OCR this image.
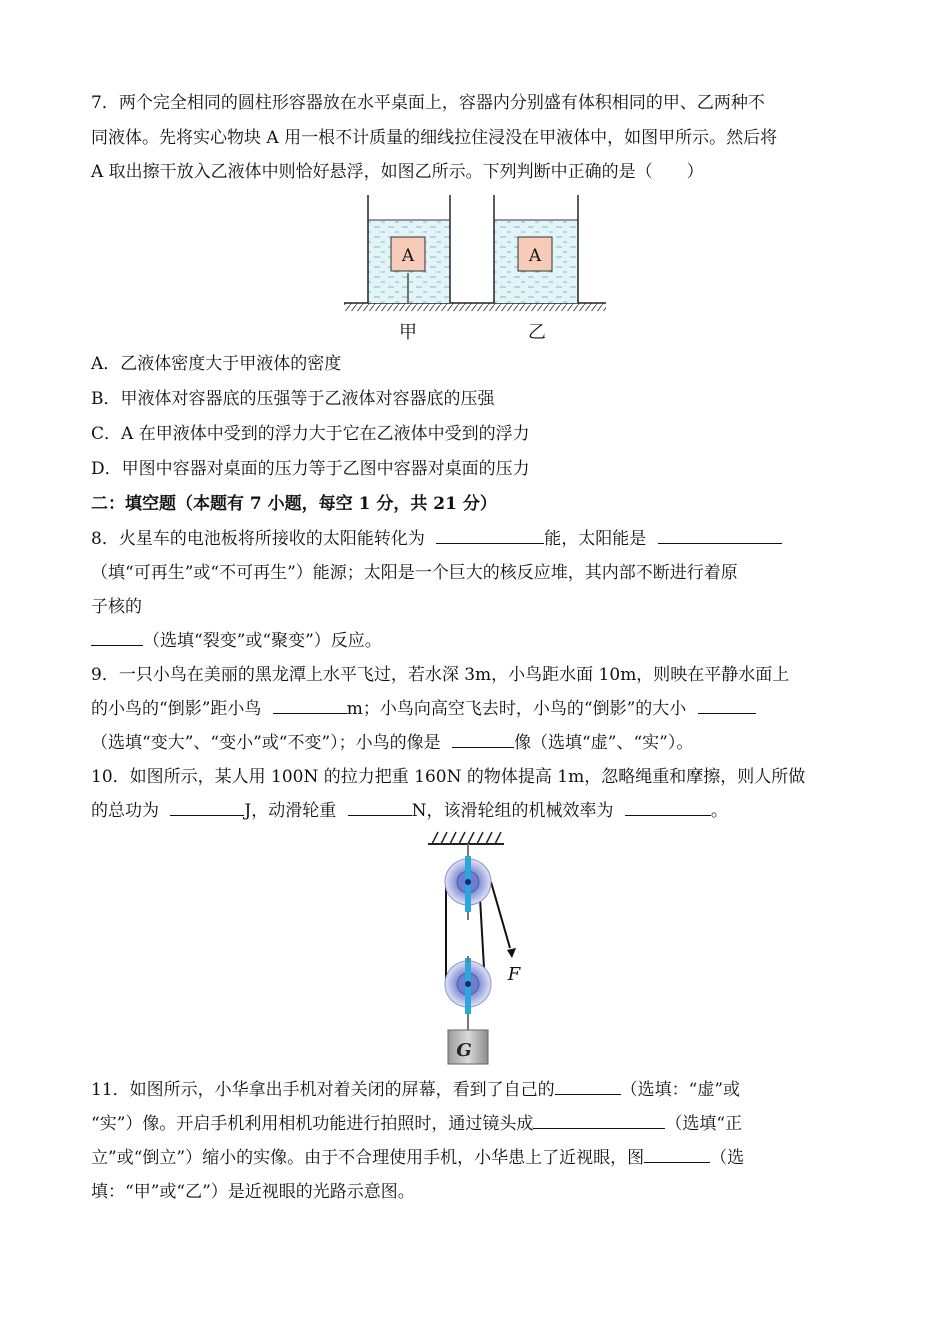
7．两个完全相同的圆柱形容器放在水平桌面上，容器内分别盛有体积相同的甲、乙两种不
同液体。先将实心物块 A 用一根不计质量的细线拉住浸没在甲液体中，如图甲所示。然后将
A 取出擦干放入乙液体中则恰好悬浮，如图乙所示。下列判断中正确的是（　　）
A	A
甲	乙
A．乙液体密度大于甲液体的密度
B．甲液体对容器底的压强等于乙液体对容器底的压强
C．A 在甲液体中受到的浮力大于它在乙液体中受到的浮力
D．甲图中容器对桌面的压力等于乙图中容器对桌面的压力
二：填空题（本题有 7 小题，每空 1 分，共 21 分）
8．火星车的电池板将所接收的太阳能转化为	能，太阳能是
（填“可再生”或“不可再生”）能源；太阳是一个巨大的核反应堆，其内部不断进行着原
子核的
（选填“裂变”或“聚变”）反应。
9．一只小鸟在美丽的黑龙潭上水平飞过，若水深 3m，小鸟距水面 10m，则映在平静水面上
的小鸟的“倒影”距小鸟	m；小鸟向高空飞去时，小鸟的“倒影”的大小
（选填“变大”、“变小”或“不变”）；小鸟的像是	像（选填“虚”、“实”）。
10．如图所示，某人用 100N 的拉力把重 160N 的物体提高 1m，忽略绳重和摩擦，则人所做
的总功为	J，动滑轮重	N，该滑轮组的机械效率为	。
G
F
11．如图所示，小华拿出手机对着关闭的屏幕，看到了自己的	（选填：“虚”或
“实”）像。开启手机利用相机功能进行拍照时，通过镜头成	（选填“正
立”或“倒立”）缩小的实像。由于不合理使用手机，小华患上了近视眼，图	（选
填：“甲”或“乙”）是近视眼的光路示意图。
